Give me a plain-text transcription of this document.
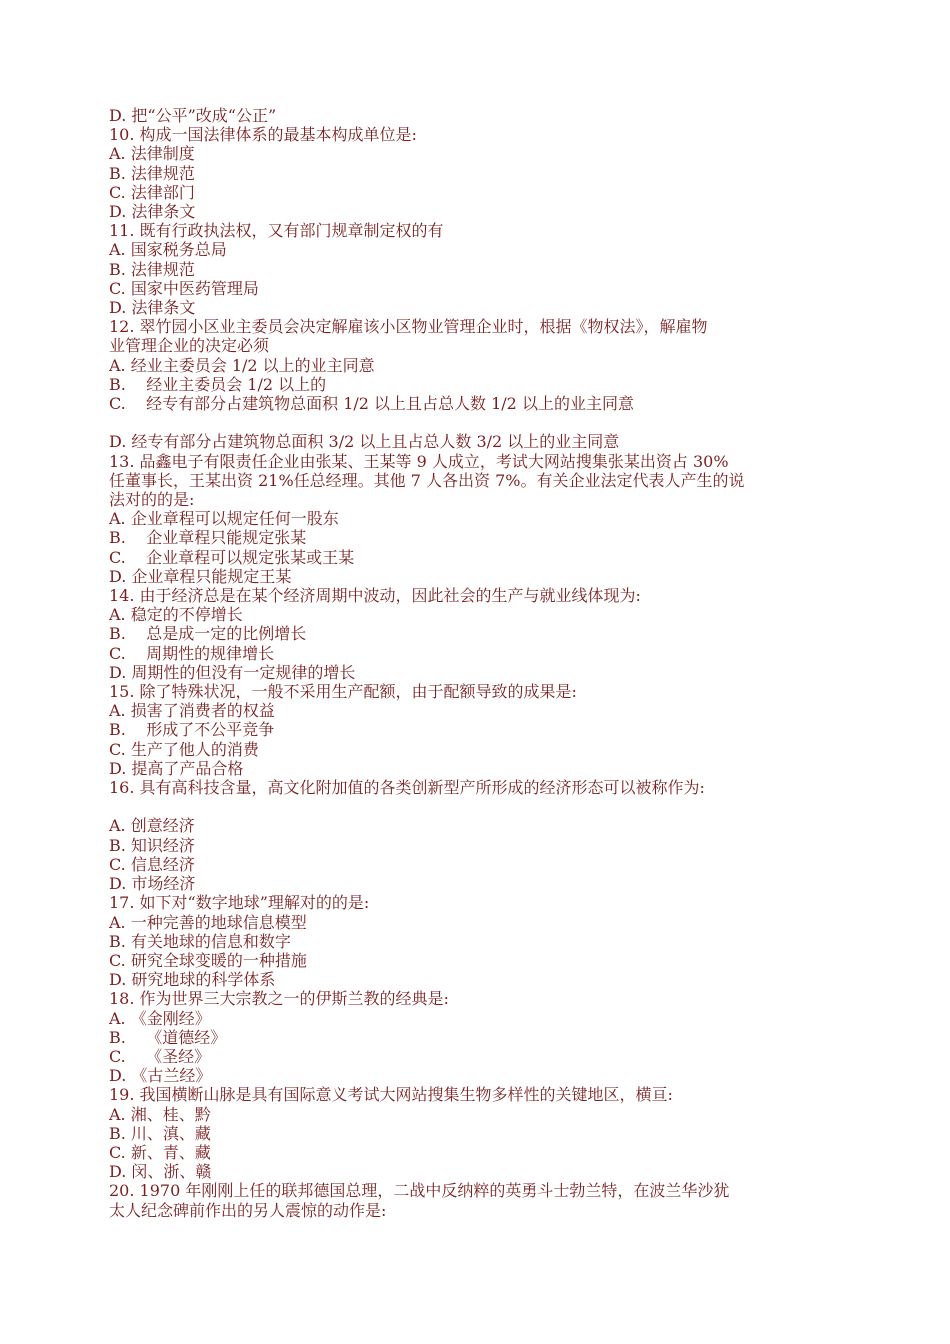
D. 把“公平”改成“公正”
10. 构成一国法律体系的最基本构成单位是:
A. 法律制度
B. 法律规范
C. 法律部门
D. 法律条文
11. 既有行政执法权，又有部门规章制定权的有
A. 国家税务总局
B. 法律规范
C. 国家中医药管理局
D. 法律条文
12. 翠竹园小区业主委员会决定解雇该小区物业管理企业时，根据《物权法》，解雇物
业管理企业的决定必须
A. 经业主委员会 1/2 以上的业主同意
B.    经业主委员会 1/2 以上的
C.    经专有部分占建筑物总面积 1/2 以上且占总人数 1/2 以上的业主同意
D. 经专有部分占建筑物总面积 3/2 以上且占总人数 3/2 以上的业主同意
13. 品鑫电子有限责任企业由张某、王某等 9 人成立，考试大网站搜集张某出资占 30%
任董事长，王某出资 21%任总经理。其他 7 人各出资 7%。有关企业法定代表人产生的说
法对的的是:
A. 企业章程可以规定任何一股东
B.    企业章程只能规定张某
C.    企业章程可以规定张某或王某
D. 企业章程只能规定王某
14. 由于经济总是在某个经济周期中波动，因此社会的生产与就业线体现为:
A. 稳定的不停增长
B.    总是成一定的比例增长
C.    周期性的规律增长
D. 周期性的但没有一定规律的增长
15. 除了特殊状况，一般不采用生产配额，由于配额导致的成果是:
A. 损害了消费者的权益
B.    形成了不公平竞争
C. 生产了他人的消费
D. 提高了产品合格
16. 具有高科技含量，高文化附加值的各类创新型产所形成的经济形态可以被称作为:
A. 创意经济
B. 知识经济
C. 信息经济
D. 市场经济
17. 如下对“数字地球”理解对的的是:
A. 一种完善的地球信息模型
B. 有关地球的信息和数字
C. 研究全球变暖的一种措施
D. 研究地球的科学体系
18. 作为世界三大宗教之一的伊斯兰教的经典是:
A. 《金刚经》
B.    《道德经》
C.    《圣经》
D. 《古兰经》
19. 我国横断山脉是具有国际意义考试大网站搜集生物多样性的关键地区，横亘:
A. 湘、桂、黔
B. 川、滇、藏
C. 新、青、藏
D. 闵、浙、赣
20. 1970 年刚刚上任的联邦德国总理，二战中反纳粹的英勇斗士勃兰特，在波兰华沙犹
太人纪念碑前作出的另人震惊的动作是:
